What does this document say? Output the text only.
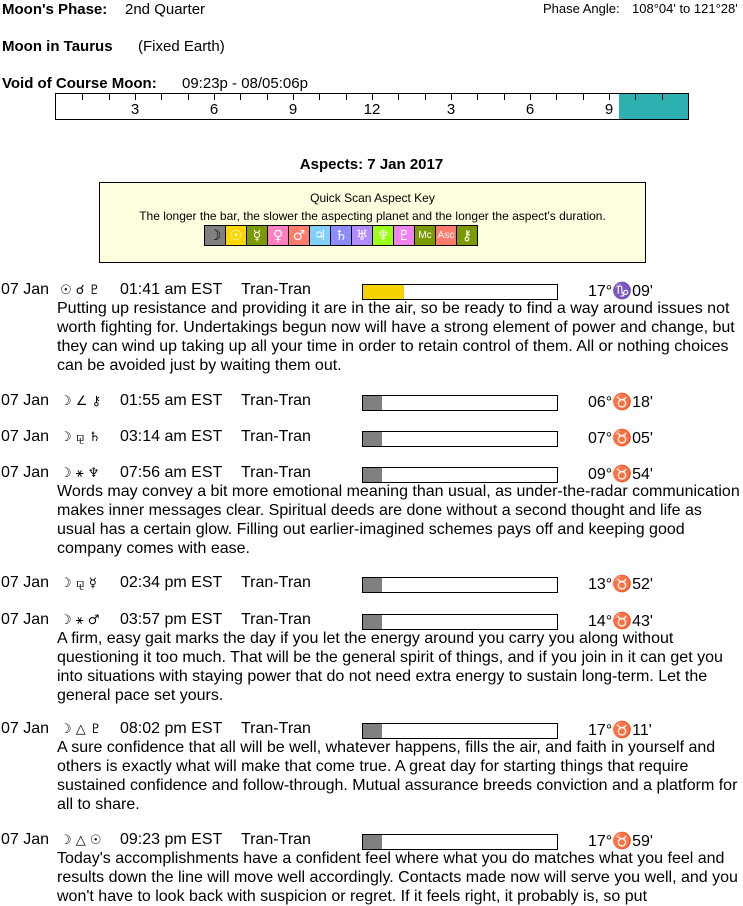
Moon's Phase: 2nd Quarter	Phase Angle: 108°04' to 121°28'
Moon in Taurus (Fixed Earth)
Void of Course Moon: 09:23p - 08/05:06p
3	6	9	12	3	6	9
Aspects: 7 Jan 2017
Quick Scan Aspect Key
The longer the bar, the slower the aspecting planet and the longer the aspect's duration.
☽ ☉ ☿ ♀ ♂ ♃ ♄ ♅ ♆ ♇ Mc Asc ⚷
07 Jan ☉ ☌ ♇ 01:41 am EST Tran-Tran	17°♑09'
Putting up resistance and providing it are in the air, so be ready to find a way around issues not worth fighting for. Undertakings begun now will have a strong element of power and change, but they can wind up taking up all your time in order to retain control of them. All or nothing choices can be avoided just by waiting them out.
07 Jan ☽ ∠ ⚷ 01:55 am EST Tran-Tran	06°♉18'
07 Jan ☽ ⚼ ♄ 03:14 am EST Tran-Tran	07°♉05'
07 Jan ☽ ⚹ ♆ 07:56 am EST Tran-Tran	09°♉54'
Words may convey a bit more emotional meaning than usual, as under-the-radar communication makes inner messages clear. Spiritual deeds are done without a second thought and life as usual has a certain glow. Filling out earlier-imagined schemes pays off and keeping good company comes with ease.
07 Jan ☽ ⚼ ☿ 02:34 pm EST Tran-Tran	13°♉52'
07 Jan ☽ ⚹ ♂ 03:57 pm EST Tran-Tran	14°♉43'
A firm, easy gait marks the day if you let the energy around you carry you along without questioning it too much. That will be the general spirit of things, and if you join in it can get you into situations with staying power that do not need extra energy to sustain long-term. Let the general pace set yours.
07 Jan ☽ △ ♇ 08:02 pm EST Tran-Tran	17°♉11'
A sure confidence that all will be well, whatever happens, fills the air, and faith in yourself and others is exactly what will make that come true. A great day for starting things that require sustained confidence and follow-through. Mutual assurance breeds conviction and a platform for all to share.
07 Jan ☽ △ ☉ 09:23 pm EST Tran-Tran	17°♉59'
Today's accomplishments have a confident feel where what you do matches what you feel and results down the line will move well accordingly. Contacts made now will serve you well, and you won't have to look back with suspicion or regret. If it feels right, it probably is, so put
